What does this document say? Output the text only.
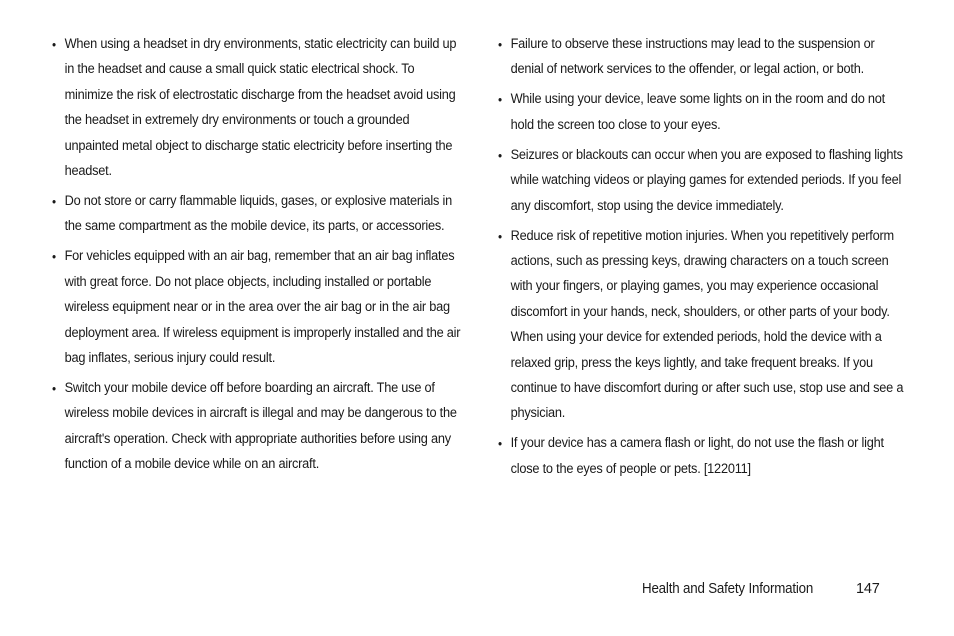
• When using a headset in dry environments, static electricity can build up in the headset and cause a small quick static electrical shock. To minimize the risk of electrostatic discharge from the headset avoid using the headset in extremely dry environments or touch a grounded unpainted metal object to discharge static electricity before inserting the headset.
• Do not store or carry flammable liquids, gases, or explosive materials in the same compartment as the mobile device, its parts, or accessories.
• For vehicles equipped with an air bag, remember that an air bag inflates with great force. Do not place objects, including installed or portable wireless equipment near or in the area over the air bag or in the air bag deployment area. If wireless equipment is improperly installed and the air bag inflates, serious injury could result.
• Switch your mobile device off before boarding an aircraft. The use of wireless mobile devices in aircraft is illegal and may be dangerous to the aircraft's operation. Check with appropriate authorities before using any function of a mobile device while on an aircraft.
• Failure to observe these instructions may lead to the suspension or denial of network services to the offender, or legal action, or both.
• While using your device, leave some lights on in the room and do not hold the screen too close to your eyes.
• Seizures or blackouts can occur when you are exposed to flashing lights while watching videos or playing games for extended periods. If you feel any discomfort, stop using the device immediately.
• Reduce risk of repetitive motion injuries. When you repetitively perform actions, such as pressing keys, drawing characters on a touch screen with your fingers, or playing games, you may experience occasional discomfort in your hands, neck, shoulders, or other parts of your body. When using your device for extended periods, hold the device with a relaxed grip, press the keys lightly, and take frequent breaks. If you continue to have discomfort during or after such use, stop use and see a physician.
• If your device has a camera flash or light, do not use the flash or light close to the eyes of people or pets. [122011]
Health and Safety Information	147
